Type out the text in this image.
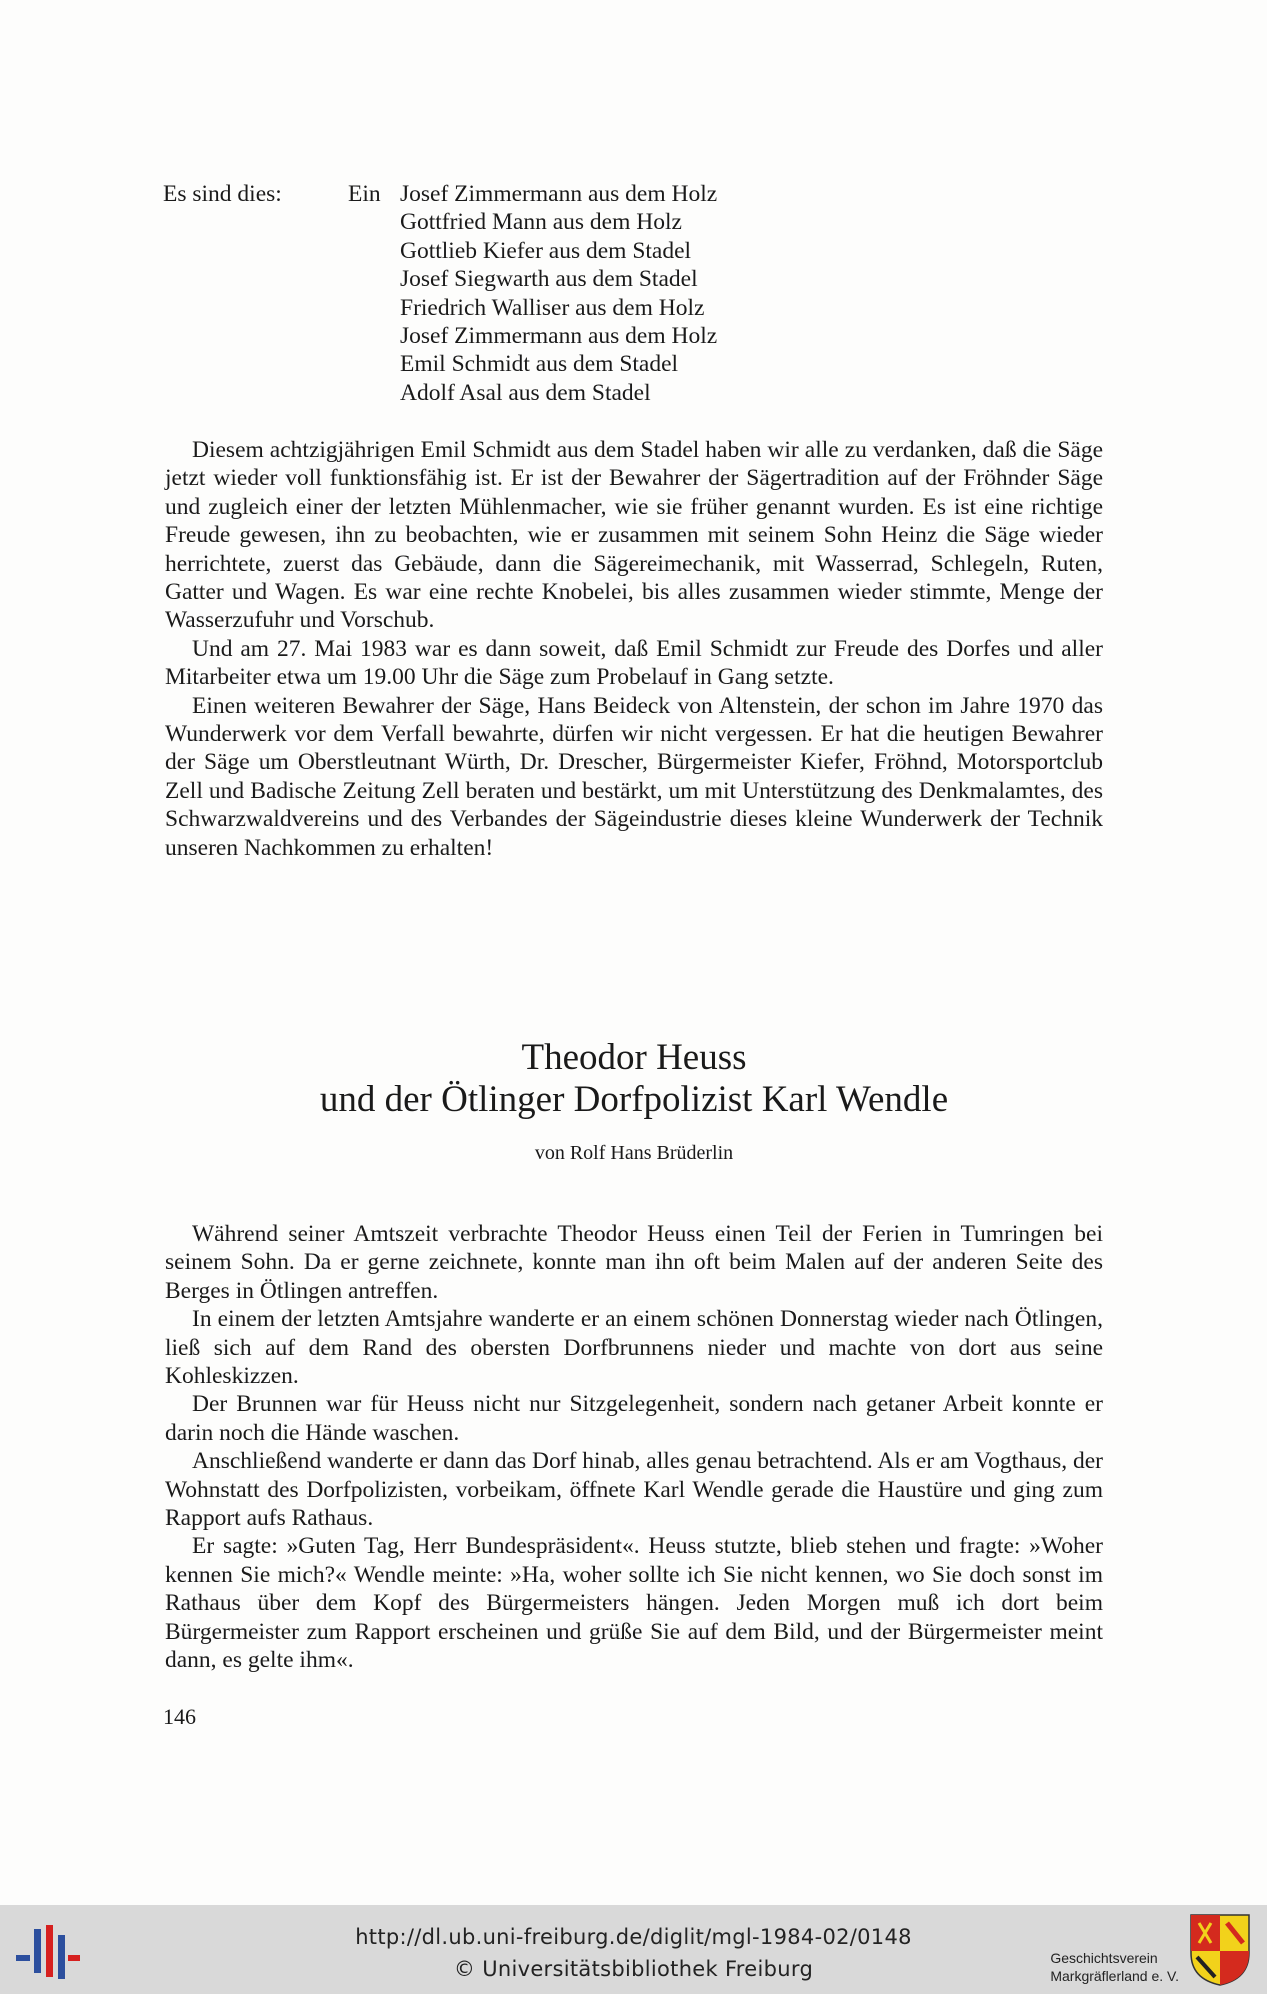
Es sind dies:	Ein Josef Zimmermann aus dem Holz
Gottfried Mann aus dem Holz
Gottlieb Kiefer aus dem Stadel
Josef Siegwarth aus dem Stadel
Friedrich Walliser aus dem Holz
Josef Zimmermann aus dem Holz
Emil Schmidt aus dem Stadel
Adolf Asal aus dem Stadel

Diesem achtzigjährigen Emil Schmidt aus dem Stadel haben wir alle zu verdanken, daß die Säge jetzt wieder voll funktionsfähig ist. Er ist der Bewahrer der Sägertradition auf der Fröhnder Säge und zugleich einer der letzten Mühlenmacher, wie sie früher genannt wurden. Es ist eine richtige Freude gewesen, ihn zu beobachten, wie er zusammen mit seinem Sohn Heinz die Säge wieder herrichtete, zuerst das Gebäude, dann die Sägereimechanik, mit Wasserrad, Schlegeln, Ruten, Gatter und Wagen. Es war eine rechte Knobelei, bis alles zusammen wieder stimmte, Menge der Wasserzufuhr und Vorschub.

Und am 27. Mai 1983 war es dann soweit, daß Emil Schmidt zur Freude des Dorfes und aller Mitarbeiter etwa um 19.00 Uhr die Säge zum Probelauf in Gang setzte.

Einen weiteren Bewahrer der Säge, Hans Beideck von Altenstein, der schon im Jahre 1970 das Wunderwerk vor dem Verfall bewahrte, dürfen wir nicht vergessen. Er hat die heutigen Bewahrer der Säge um Oberstleutnant Würth, Dr. Drescher, Bürgermeister Kiefer, Fröhnd, Motorsportclub Zell und Badische Zeitung Zell beraten und bestärkt, um mit Unterstützung des Denkmalamtes, des Schwarzwaldvereins und des Verbandes der Sägeindustrie dieses kleine Wunderwerk der Technik unseren Nachkommen zu erhalten!

Theodor Heuss
und der Ötlinger Dorfpolizist Karl Wendle
von Rolf Hans Brüderlin

Während seiner Amtszeit verbrachte Theodor Heuss einen Teil der Ferien in Tumringen bei seinem Sohn. Da er gerne zeichnete, konnte man ihn oft beim Malen auf der anderen Seite des Berges in Ötlingen antreffen.

In einem der letzten Amtsjahre wanderte er an einem schönen Donnerstag wieder nach Ötlingen, ließ sich auf dem Rand des obersten Dorfbrunnens nieder und machte von dort aus seine Kohleskizzen.

Der Brunnen war für Heuss nicht nur Sitzgelegenheit, sondern nach getaner Arbeit konnte er darin noch die Hände waschen.

Anschließend wanderte er dann das Dorf hinab, alles genau betrachtend. Als er am Vogthaus, der Wohnstatt des Dorfpolizisten, vorbeikam, öffnete Karl Wendle gerade die Haustüre und ging zum Rapport aufs Rathaus.

Er sagte: »Guten Tag, Herr Bundespräsident«. Heuss stutzte, blieb stehen und fragte: »Woher kennen Sie mich?« Wendle meinte: »Ha, woher sollte ich Sie nicht kennen, wo Sie doch sonst im Rathaus über dem Kopf des Bürgermeisters hängen. Jeden Morgen muß ich dort beim Bürgermeister zum Rapport erscheinen und grüße Sie auf dem Bild, und der Bürgermeister meint dann, es gelte ihm«.

146
http://dl.ub.uni-freiburg.de/diglit/mgl-1984-02/0148
© Universitätsbibliothek Freiburg	Geschichtsverein
Markgräflerland e. V.
